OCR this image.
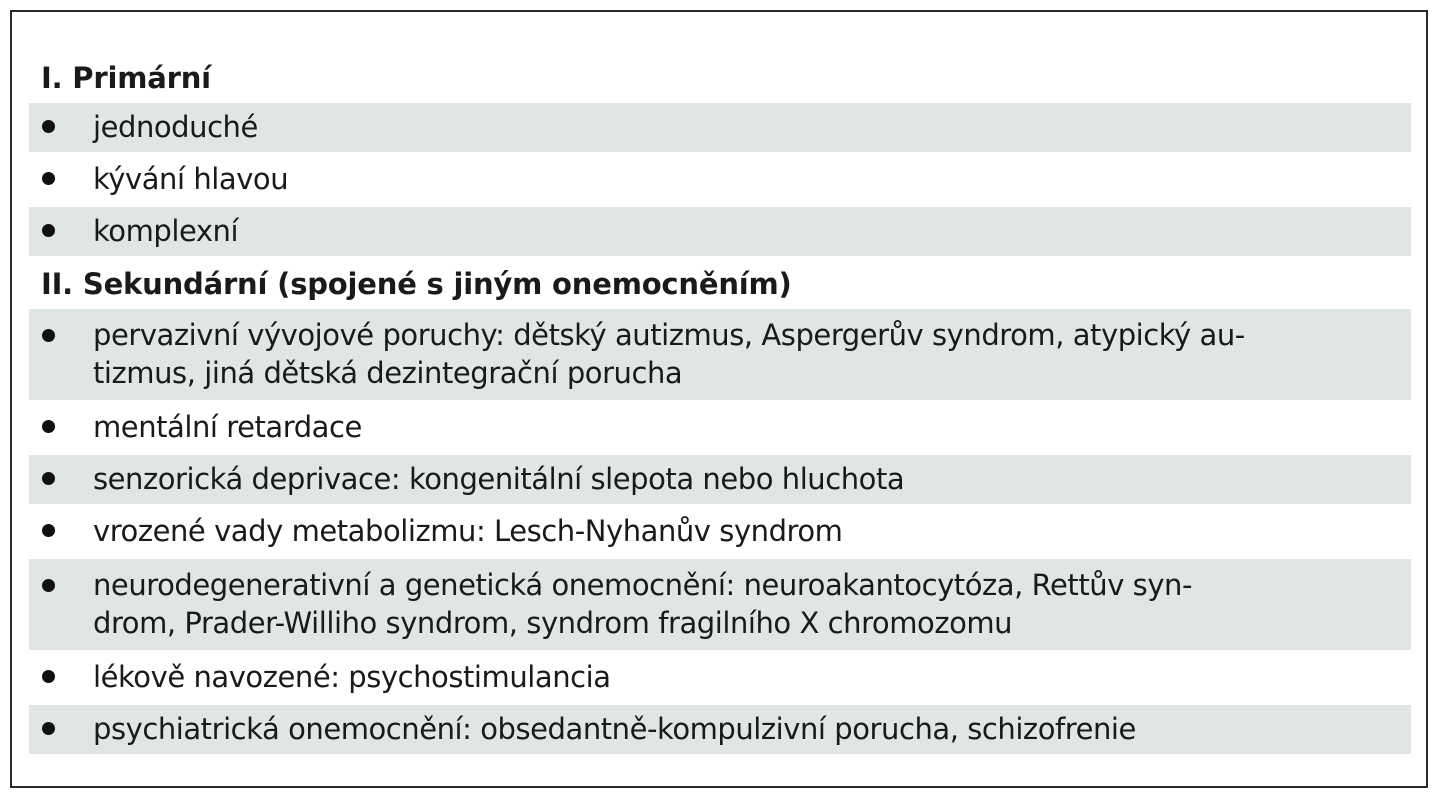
I. Primární
jednoduché
kývání hlavou
komplexní
II. Sekundární (spojené s jiným onemocněním)
pervazivní vývojové poruchy: dětský autizmus, Aspergerův syndrom, atypický au-
tizmus, jiná dětská dezintegrační porucha
mentální retardace
senzorická deprivace: kongenitální slepota nebo hluchota
vrozené vady metabolizmu: Lesch-Nyhanův syndrom
neurodegenerativní a genetická onemocnění: neuroakantocytóza, Rettův syn-
drom, Prader-Williho syndrom, syndrom fragilního X chromozomu
lékově navozené: psychostimulancia
psychiatrická onemocnění: obsedantně-kompulzivní porucha, schizofrenie
